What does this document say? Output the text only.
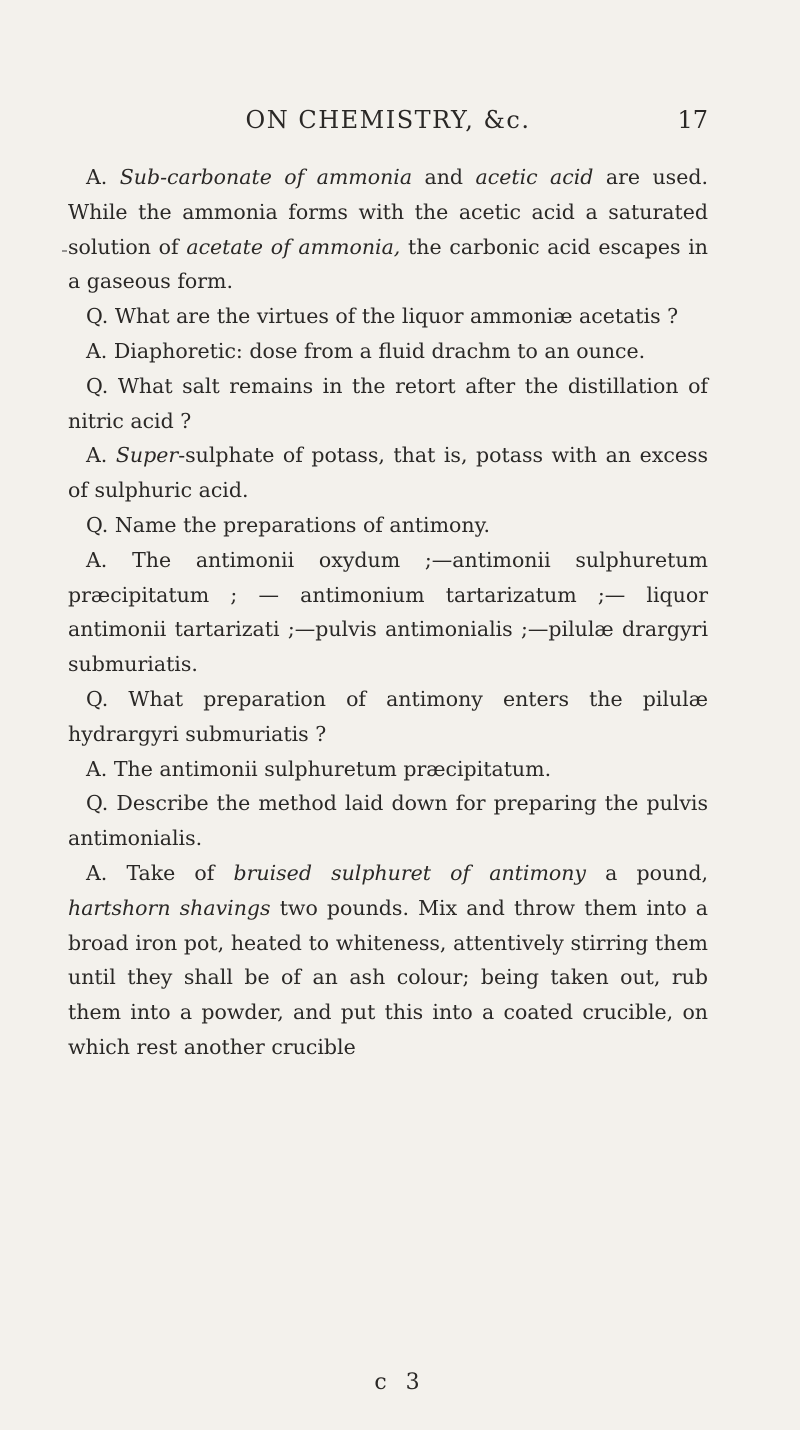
ON CHEMISTRY, &c.	17

A. Sub-carbonate of ammonia and acetic acid are used. While the ammonia forms with the acetic acid a saturated solution of acetate of ammonia, the carbonic acid escapes in a gaseous form.

Q. What are the virtues of the liquor ammoniæ acetatis ?

A. Diaphoretic: dose from a fluid drachm to an ounce.

Q. What salt remains in the retort after the distillation of nitric acid ?

A. Super-sulphate of potass, that is, potass with an excess of sulphuric acid.

Q. Name the preparations of antimony.

A. The antimonii oxydum ;—antimonii sulphuretum præcipitatum ; — antimonium tartarizatum ;— liquor antimonii tartarizati ;—pulvis antimonialis ;—pilulæ drargyri submuriatis.

Q. What preparation of antimony enters the pilulæ hydrargyri submuriatis ?

A. The antimonii sulphuretum præcipitatum.

Q. Describe the method laid down for preparing the pulvis antimonialis.

A. Take of bruised sulphuret of antimony a pound, hartshorn shavings two pounds. Mix and throw them into a broad iron pot, heated to whiteness, attentively stirring them until they shall be of an ash colour; being taken out, rub them into a powder, and put this into a coated crucible, on which rest another crucible

c 3
